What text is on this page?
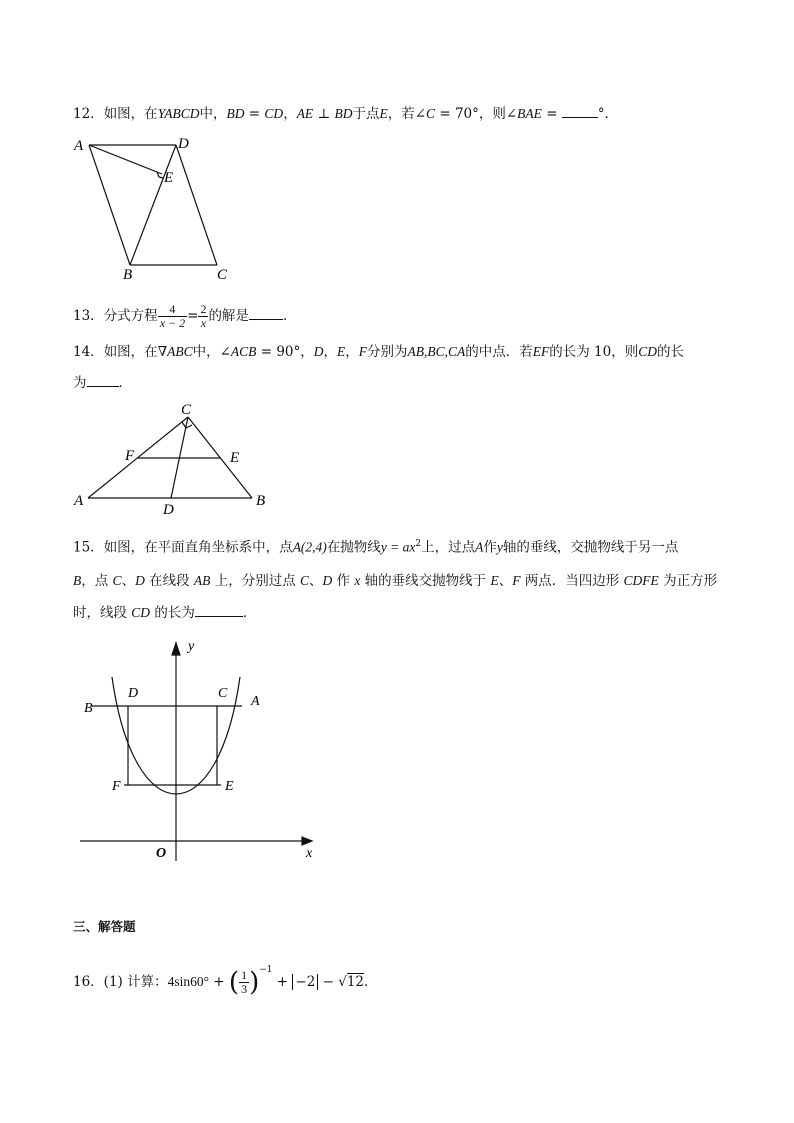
12．如图，在YABCD中，BD = CD，AE ⊥ BD于点E，若∠C = 70°，则∠BAE =	°．
A	D
E
B	C
13．分式方程 $\frac{4}{x - 2} = \frac{2}{x}$ 的解是	．
14．如图，在∇ABC中，∠ACB = 90°，D，E，F分别为AB,BC,CA的中点．若EF的长为 10，则CD的长
为 ．
C
F	E
A
D
B
15．如图，在平面直角坐标系中，点A(2,4)在抛物线$y = ax^2$上，过点A作y轴的垂线，交抛物线于另一点
B，点 C、D 在线段 AB 上，分别过点 C、D 作 x 轴的垂线交抛物线于 E、F 两点．当四边形 CDFE 为正方形
时，线段 CD 的长为	．
y
x
O
B
D	C
A
F	E
三、解答题
16．(1) 计算：4sin60° + ( $\frac{1}{3} )^{-1} + -2 - √12$．
